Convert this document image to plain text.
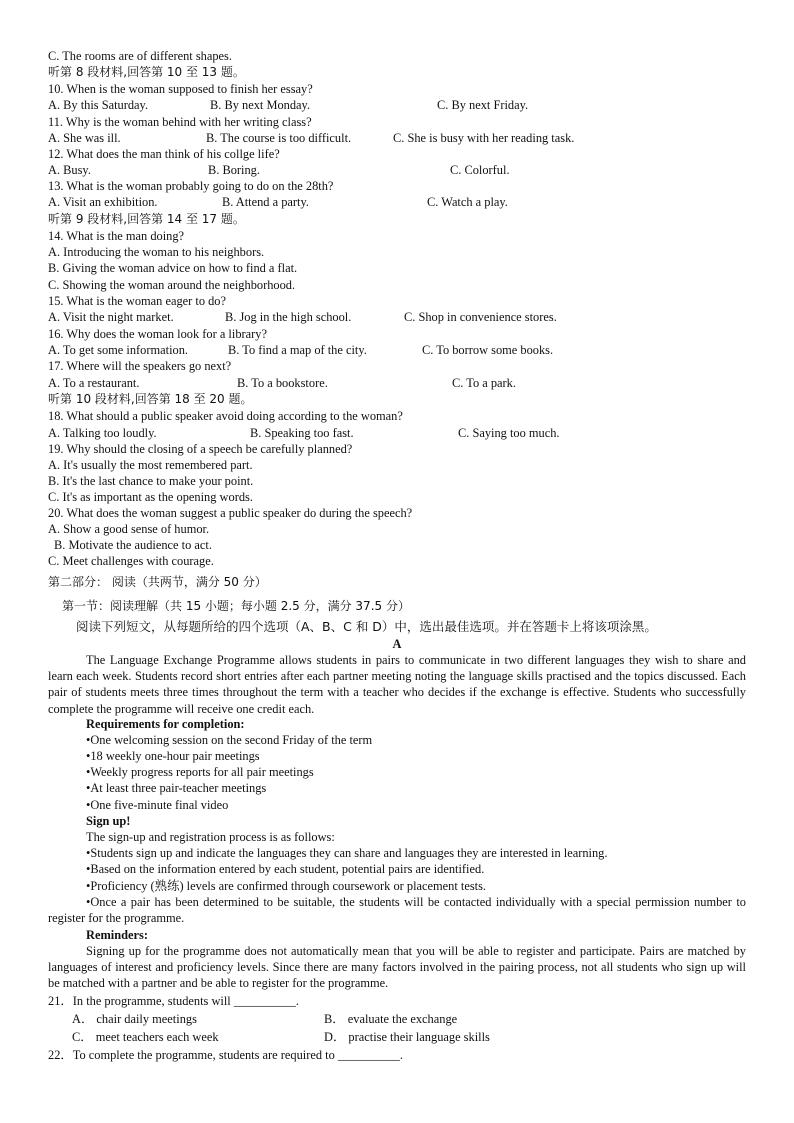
C. The rooms are of different shapes.
听第 8 段材料,回答第 10 至 13 题。
10. When is the woman supposed to finish her essay?
A. By this Saturday.	B. By next Monday.	C. By next Friday.
11. Why is the woman behind with her writing class?
A. She was ill.	B. The course is too difficult.	C. She is busy with her reading task.
12. What does the man think of his collge life?
A. Busy.	B. Boring.	C. Colorful.
13. What is the woman probably going to do on the 28th?
A. Visit an exhibition.	B. Attend a party.	C. Watch a play.
听第 9 段材料,回答第 14 至 17 题。
14. What is the man doing?
A. Introducing the woman to his neighbors.
B. Giving the woman advice on how to find a flat.
C. Showing the woman around the neighborhood.
15. What is the woman eager to do?
A. Visit the night market.	B. Jog in the high school.	C. Shop in convenience stores.
16. Why does the woman look for a library?
A. To get some information.	B. To find a map of the city.	C. To borrow some books.
17. Where will the speakers go next?
A. To a restaurant.	B. To a bookstore.	C. To a park.
听第 10 段材料,回答第 18 至 20 题。
18. What should a public speaker avoid doing according to the woman?
A. Talking too loudly.	B. Speaking too fast.	C. Saying too much.
19. Why should the closing of a speech be carefully planned?
A. It's usually the most remembered part.
B. It's the last chance to make your point.
C. It's as important as the opening words.
20. What does the woman suggest a public speaker do during the speech?
A. Show a good sense of humor.
B. Motivate the audience to act.
C. Meet challenges with courage.
第二部分： 阅读（共两节，满分 50 分）
第一节：阅读理解（共 15 小题；每小题 2.5 分，满分 37.5 分）
阅读下列短文，从每题所给的四个选项（A、B、C 和 D）中，选出最佳选项。并在答题卡上将该项涂黑。
A
The Language Exchange Programme allows students in pairs to communicate in two different languages they wish to share and learn each week. Students record short entries after each partner meeting noting the language skills practised and the topics discussed. Each pair of students meets three times throughout the term with a teacher who decides if the exchange is effective. Students who successfully complete the programme will receive one credit each.
Requirements for completion:
•One welcoming session on the second Friday of the term
•18 weekly one-hour pair meetings
•Weekly progress reports for all pair meetings
•At least three pair-teacher meetings
•One five-minute final video
Sign up!
The sign-up and registration process is as follows:
•Students sign up and indicate the languages they can share and languages they are interested in learning.
•Based on the information entered by each student, potential pairs are identified.
•Proficiency (熟练) levels are confirmed through coursework or placement tests.
•Once a pair has been determined to be suitable, the students will be contacted individually with a special permission number to register for the programme.
Reminders:
Signing up for the programme does not automatically mean that you will be able to register and participate. Pairs are matched by languages of interest and proficiency levels. Since there are many factors involved in the pairing process, not all students who sign up will be matched with a partner and be able to register for the programme.
21．In the programme, students will __________.
A． chair daily meetings	B． evaluate the exchange
C． meet teachers each week	D． practise their language skills
22．To complete the programme, students are required to __________.
